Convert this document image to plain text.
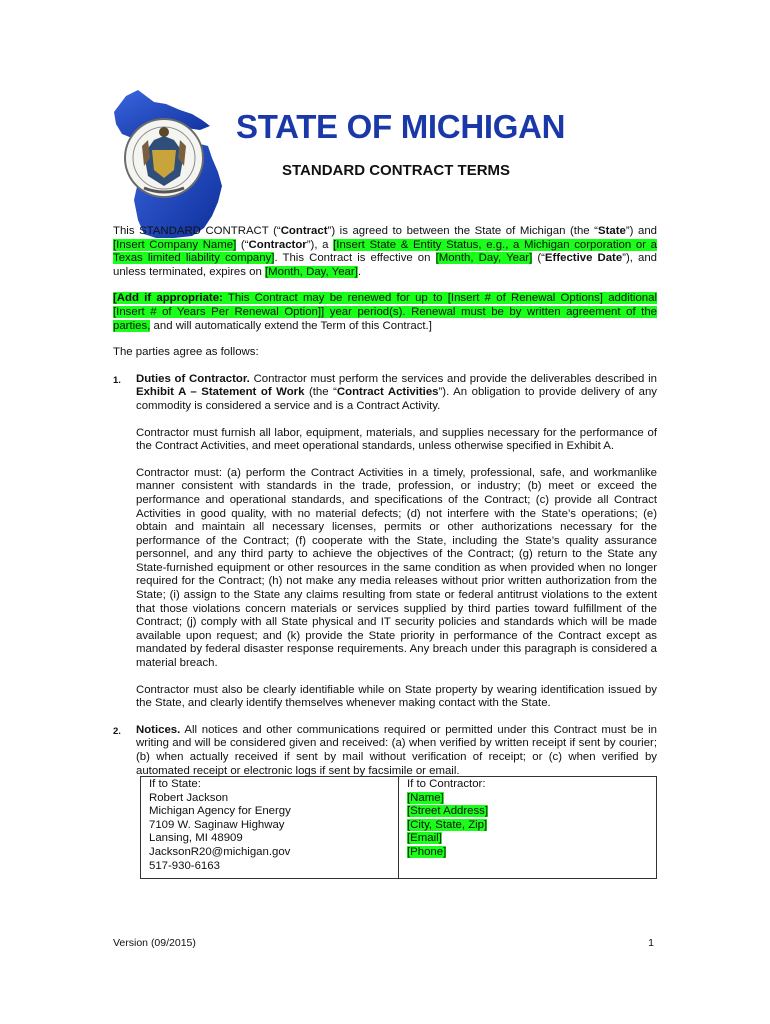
STATE OF MICHIGAN
STANDARD CONTRACT TERMS

This STANDARD CONTRACT (“Contract”) is agreed to between the State of Michigan (the “State”) and [Insert Company Name] (“Contractor”), a [Insert State & Entity Status, e.g., a Michigan corporation or a Texas limited liability company]. This Contract is effective on [Month, Day, Year] (“Effective Date”), and unless terminated, expires on [Month, Day, Year].

[Add if appropriate: This Contract may be renewed for up to [Insert # of Renewal Options] additional [Insert # of Years Per Renewal Option]] year period(s). Renewal must be by written agreement of the parties, and will automatically extend the Term of this Contract.]

The parties agree as follows:

1. Duties of Contractor. Contractor must perform the services and provide the deliverables described in Exhibit A – Statement of Work (the “Contract Activities”). An obligation to provide delivery of any commodity is considered a service and is a Contract Activity.

Contractor must furnish all labor, equipment, materials, and supplies necessary for the performance of the Contract Activities, and meet operational standards, unless otherwise specified in Exhibit A.

Contractor must: (a) perform the Contract Activities in a timely, professional, safe, and workmanlike manner consistent with standards in the trade, profession, or industry; (b) meet or exceed the performance and operational standards, and specifications of the Contract; (c) provide all Contract Activities in good quality, with no material defects; (d) not interfere with the State’s operations; (e) obtain and maintain all necessary licenses, permits or other authorizations necessary for the performance of the Contract; (f) cooperate with the State, including the State’s quality assurance personnel, and any third party to achieve the objectives of the Contract; (g) return to the State any State-furnished equipment or other resources in the same condition as when provided when no longer required for the Contract; (h) not make any media releases without prior written authorization from the State; (i) assign to the State any claims resulting from state or federal antitrust violations to the extent that those violations concern materials or services supplied by third parties toward fulfillment of the Contract; (j) comply with all State physical and IT security policies and standards which will be made available upon request; and (k) provide the State priority in performance of the Contract except as mandated by federal disaster response requirements. Any breach under this paragraph is considered a material breach.

Contractor must also be clearly identifiable while on State property by wearing identification issued by the State, and clearly identify themselves whenever making contact with the State.

2. Notices. All notices and other communications required or permitted under this Contract must be in writing and will be considered given and received: (a) when verified by written receipt if sent by courier; (b) when actually received if sent by mail without verification of receipt; or (c) when verified by automated receipt or electronic logs if sent by facsimile or email.

If to State:
Robert Jackson
Michigan Agency for Energy
7109 W. Saginaw Highway
Lansing, MI 48909
JacksonR20@michigan.gov
517-930-6163

If to Contractor:
[Name]
[Street Address]
[City, State, Zip]
[Email]
[Phone]
Version (09/2015)	1
